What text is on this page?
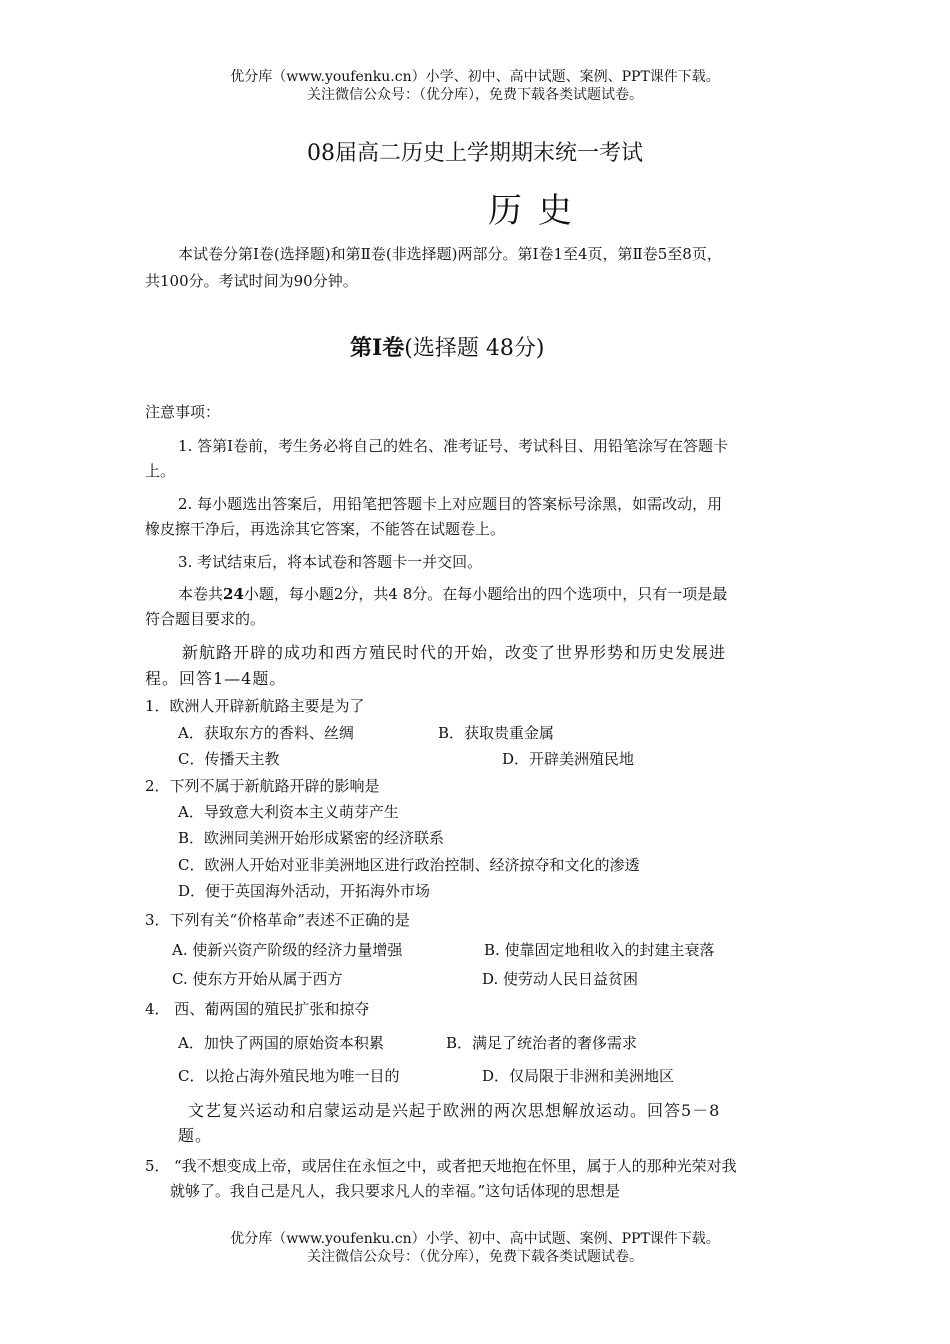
优分库（www.youfenku.cn）小学、初中、高中试题、案例、PPT课件下载。
关注微信公众号：（优分库），免费下载各类试题试卷。
08届高二历史上学期期末统一考试
历史
本试卷分第Ⅰ卷(选择题)和第Ⅱ卷(非选择题)两部分。第Ⅰ卷1至4页，第Ⅱ卷5至8页，
共100分。考试时间为90分钟。
第Ⅰ卷(选择题 48分)
注意事项：
1. 答第Ⅰ卷前，考生务必将自己的姓名、准考证号、考试科目、用铅笔涂写在答题卡
上。
2. 每小题选出答案后，用铅笔把答题卡上对应题目的答案标号涂黑，如需改动，用
橡皮擦干净后，再选涂其它答案，不能答在试题卷上。
3. 考试结束后，将本试卷和答题卡一并交回。
本卷共24小题，每小题2分，共4 8分。在每小题给出的四个选项中，只有一项是最
符合题目要求的。
新航路开辟的成功和西方殖民时代的开始，改变了世界形势和历史发展进
程。回答1—4题。
1．欧洲人开辟新航路主要是为了
A．获取东方的香料、丝绸	B．获取贵重金属
C．传播天主教	D．开辟美洲殖民地
2．下列不属于新航路开辟的影响是
A．导致意大利资本主义萌芽产生
B．欧洲同美洲开始形成紧密的经济联系
C．欧洲人开始对亚非美洲地区进行政治控制、经济掠夺和文化的渗透
D．便于英国海外活动，开拓海外市场
3．下列有关“价格革命”表述不正确的是
A. 使新兴资产阶级的经济力量增强	B. 使靠固定地租收入的封建主衰落
C. 使东方开始从属于西方	D. 使劳动人民日益贫困
4． 西、葡两国的殖民扩张和掠夺
A．加快了两国的原始资本积累	B．满足了统治者的奢侈需求
C．以抢占海外殖民地为唯一目的	D．仅局限于非洲和美洲地区
文艺复兴运动和启蒙运动是兴起于欧洲的两次思想解放运动。回答5－8
题。
5． “我不想变成上帝，或居住在永恒之中，或者把天地抱在怀里，属于人的那种光荣对我
就够了。我自己是凡人，我只要求凡人的幸福。”这句话体现的思想是
优分库（www.youfenku.cn）小学、初中、高中试题、案例、PPT课件下载。
关注微信公众号：（优分库），免费下载各类试题试卷。
